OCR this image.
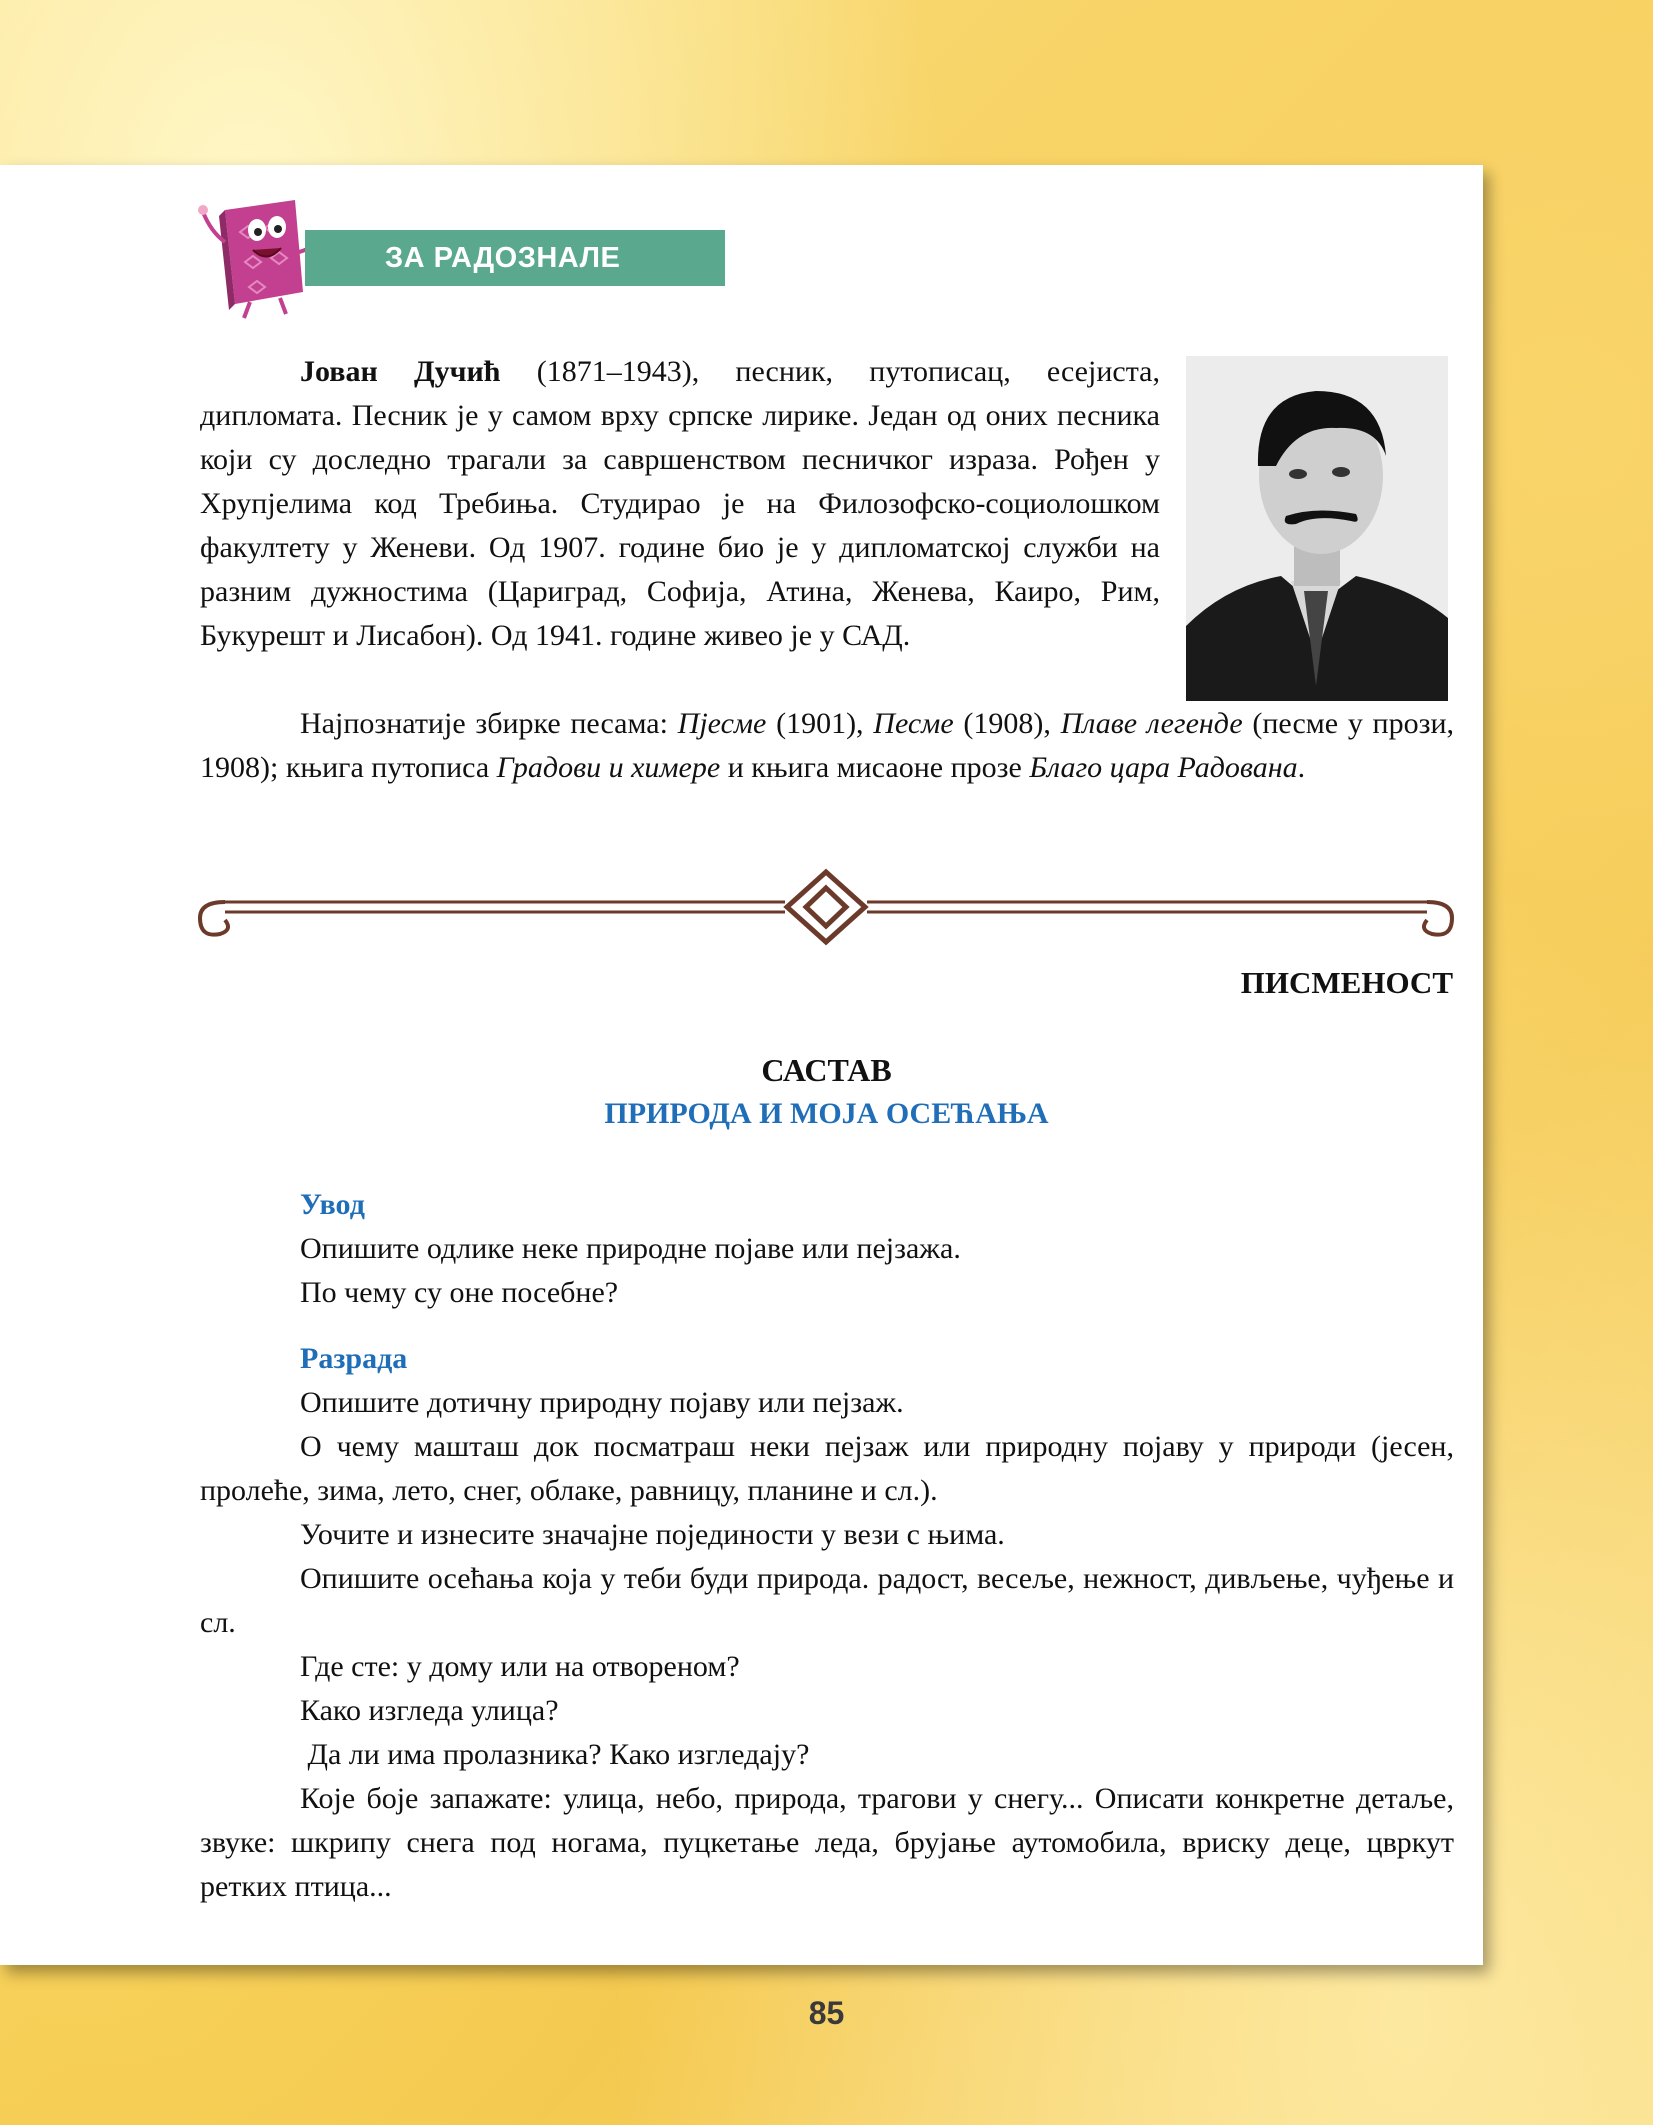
ЗА РАДОЗНАЛЕ

Јован Дучић (1871–1943), песник, путописац, есејиста, дипломата. Песник је у самом врху српске лирике. Један од оних песника који су доследно трагали за савршенством песничког израза. Рођен у Хрупјелима код Требиња. Студирао је на Филозофско-социолошком факултету у Женеви. Од 1907. године био је у дипломатској служби на разним дужностима (Цариград, Софија, Атина, Женева, Каиро, Рим, Букурешт и Лисабон). Од 1941. године живео је у САД.

Најпознатије збирке песама: Пјесме (1901), Песме (1908), Плаве легенде (песме у прози, 1908); књига путописа Градови и химере и књига мисаоне прозе Благо цара Радована.

ПИСМЕНОСТ
САСТАВ
ПРИРОДА И МОЈА ОСЕЋАЊА
Увод

Опишите одлике неке природне појаве или пејзажа.

По чему су оне посебне?

Разрада

Опишите дотичну природну појаву или пејзаж.

О чему машташ док посматраш неки пејзаж или природну појаву у природи (јесен, пролеће, зима, лето, снег, облаке, равницу, планине и сл.).

Уочите и изнесите значајне појединости у вези с њима.

Опишите осећања која у теби буди природа. радост, весеље, нежност, дивљење, чуђење и сл.

Где сте: у дому или на отвореном?

Како изгледа улица?

Да ли има пролазника? Како изгледају?

Које боје запажате: улица, небо, природа, трагови у снегу... Описати конкретне детаље, звуке: шкрипу снега под ногама, пуцкетање леда, брујање аутомобила, вриску деце, цвркут ретких птица...

85
